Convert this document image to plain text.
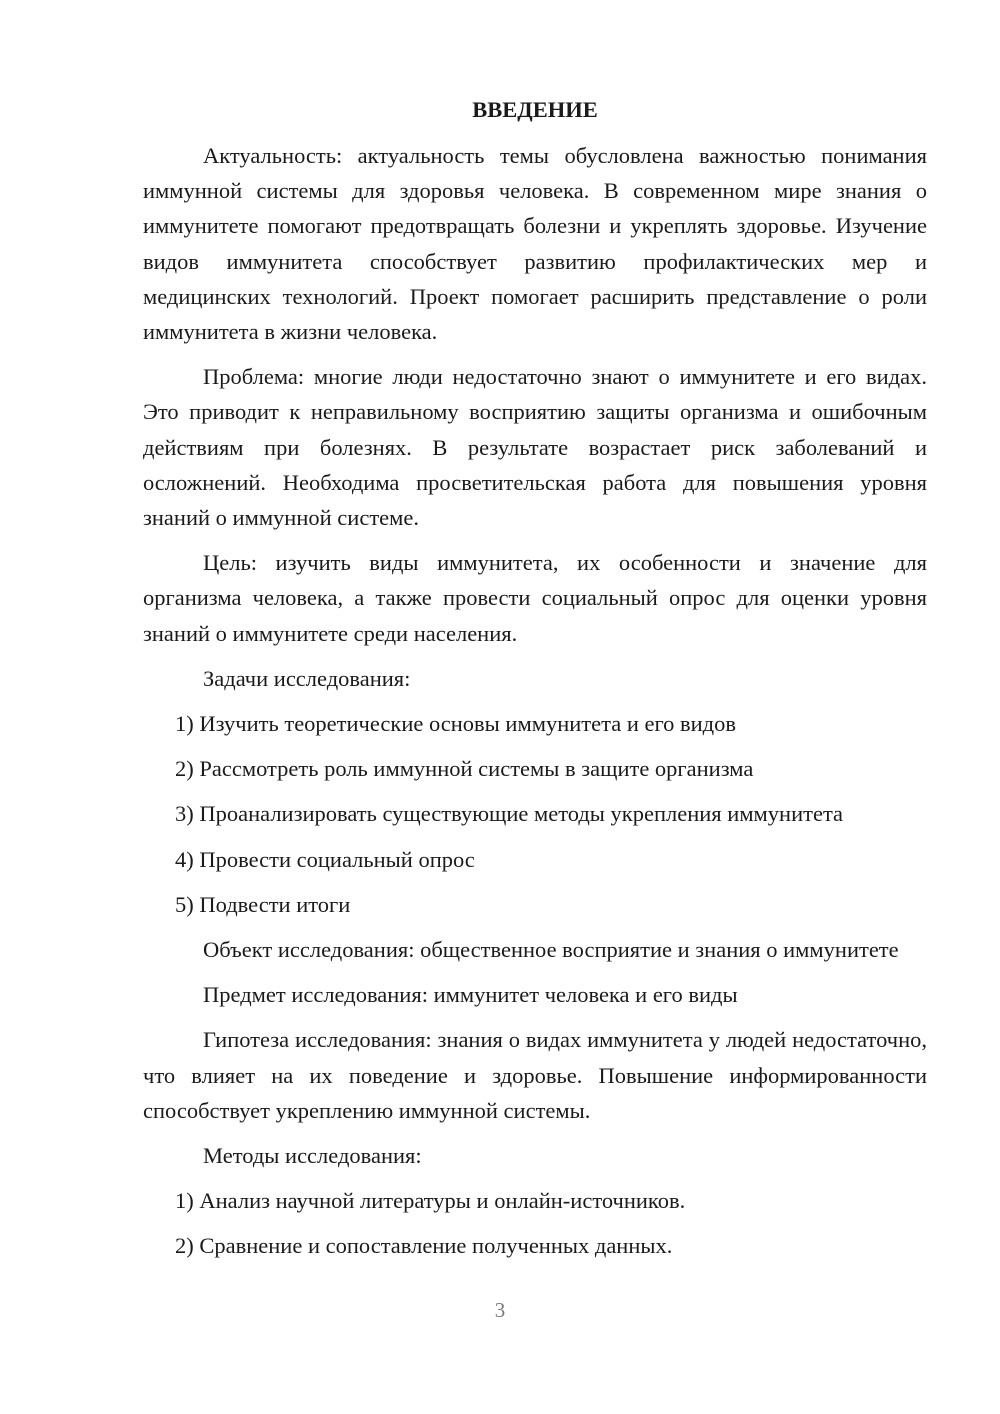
ВВЕДЕНИЕ

Актуальность: актуальность темы обусловлена важностью понимания иммунной системы для здоровья человека. В современном мире знания о иммунитете помогают предотвращать болезни и укреплять здоровье. Изучение видов иммунитета способствует развитию профилактических мер и медицинских технологий. Проект помогает расширить представление о роли иммунитета в жизни человека.

Проблема: многие люди недостаточно знают о иммунитете и его видах. Это приводит к неправильному восприятию защиты организма и ошибочным действиям при болезнях. В результате возрастает риск заболеваний и осложнений. Необходима просветительская работа для повышения уровня знаний о иммунной системе.

Цель: изучить виды иммунитета, их особенности и значение для организма человека, а также провести социальный опрос для оценки уровня знаний о иммунитете среди населения.

Задачи исследования:

1) Изучить теоретические основы иммунитета и его видов

2) Рассмотреть роль иммунной системы в защите организма

3) Проанализировать существующие методы укрепления иммунитета

4) Провести социальный опрос

5) Подвести итоги

Объект исследования: общественное восприятие и знания о иммунитете

Предмет исследования: иммунитет человека и его виды

Гипотеза исследования: знания о видах иммунитета у людей недостаточно, что влияет на их поведение и здоровье. Повышение информированности способствует укреплению иммунной системы.

Методы исследования:

1) Анализ научной литературы и онлайн-источников.

2) Сравнение и сопоставление полученных данных.

3
